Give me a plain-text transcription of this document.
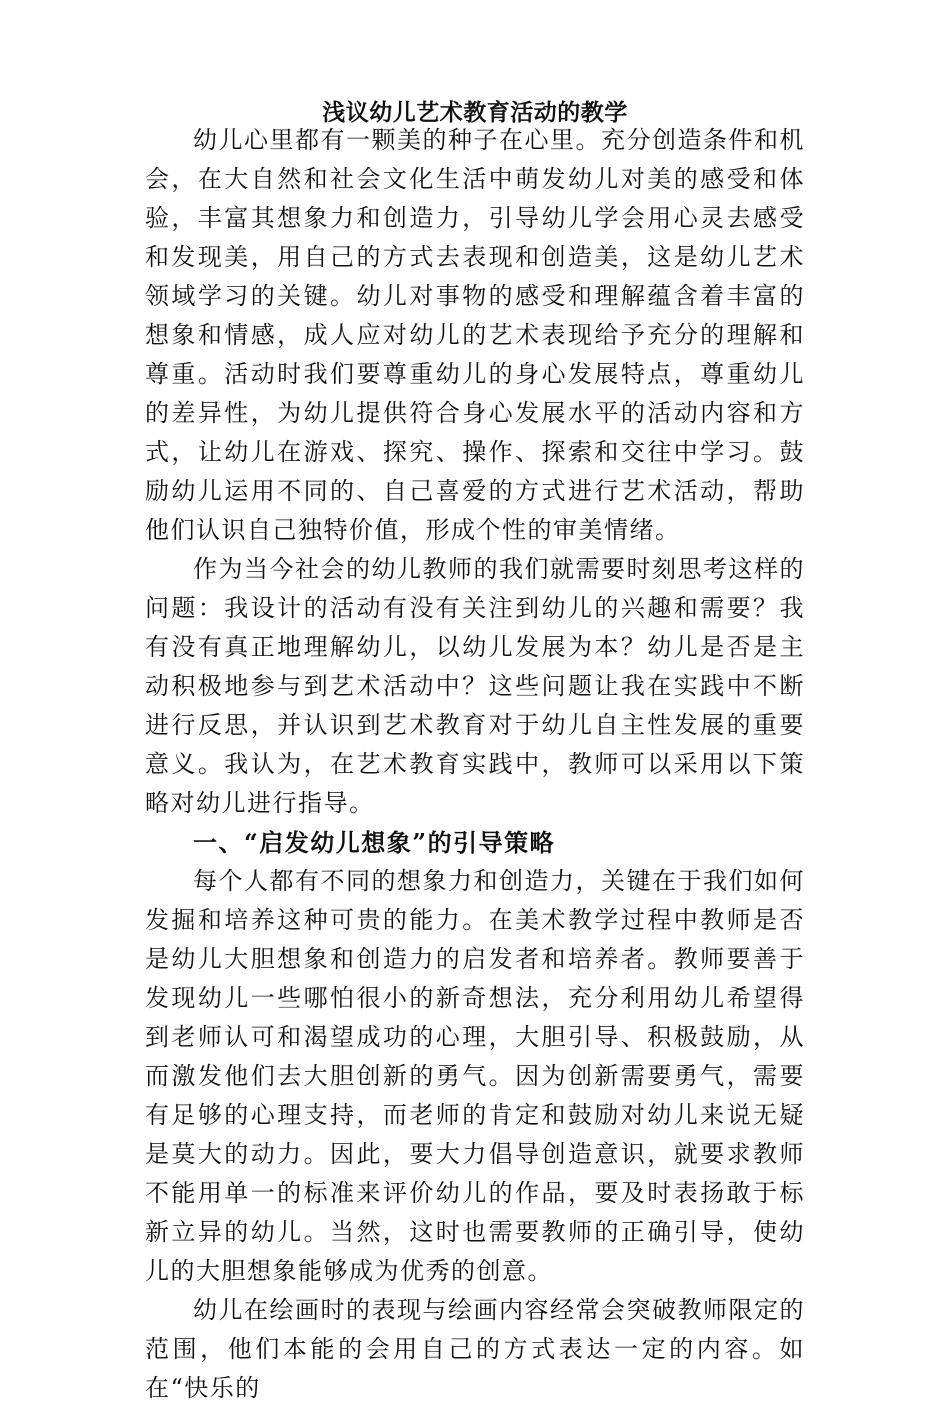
浅议幼儿艺术教育活动的教学

幼儿心里都有一颗美的种子在心里。充分创造条件和机会，在大自然和社会文化生活中萌发幼儿对美的感受和体验，丰富其想象力和创造力，引导幼儿学会用心灵去感受和发现美，用自己的方式去表现和创造美，这是幼儿艺术领域学习的关键。幼儿对事物的感受和理解蕴含着丰富的想象和情感，成人应对幼儿的艺术表现给予充分的理解和尊重。活动时我们要尊重幼儿的身心发展特点，尊重幼儿的差异性，为幼儿提供符合身心发展水平的活动内容和方式，让幼儿在游戏、探究、操作、探索和交往中学习。鼓励幼儿运用不同的、自己喜爱的方式进行艺术活动，帮助他们认识自己独特价值，形成个性的审美情绪。

作为当今社会的幼儿教师的我们就需要时刻思考这样的问题：我设计的活动有没有关注到幼儿的兴趣和需要？我有没有真正地理解幼儿，以幼儿发展为本？幼儿是否是主动积极地参与到艺术活动中？这些问题让我在实践中不断进行反思，并认识到艺术教育对于幼儿自主性发展的重要意义。我认为，在艺术教育实践中，教师可以采用以下策略对幼儿进行指导。

一、“启发幼儿想象”的引导策略

每个人都有不同的想象力和创造力，关键在于我们如何发掘和培养这种可贵的能力。在美术教学过程中教师是否是幼儿大胆想象和创造力的启发者和培养者。教师要善于发现幼儿一些哪怕很小的新奇想法，充分利用幼儿希望得到老师认可和渴望成功的心理，大胆引导、积极鼓励，从而激发他们去大胆创新的勇气。因为创新需要勇气，需要有足够的心理支持，而老师的肯定和鼓励对幼儿来说无疑是莫大的动力。因此，要大力倡导创造意识，就要求教师不能用单一的标准来评价幼儿的作品，要及时表扬敢于标新立异的幼儿。当然，这时也需要教师的正确引导，使幼儿的大胆想象能够成为优秀的创意。

幼儿在绘画时的表现与绘画内容经常会突破教师限定的范围，他们本能的会用自己的方式表达一定的内容。如在“快乐的
